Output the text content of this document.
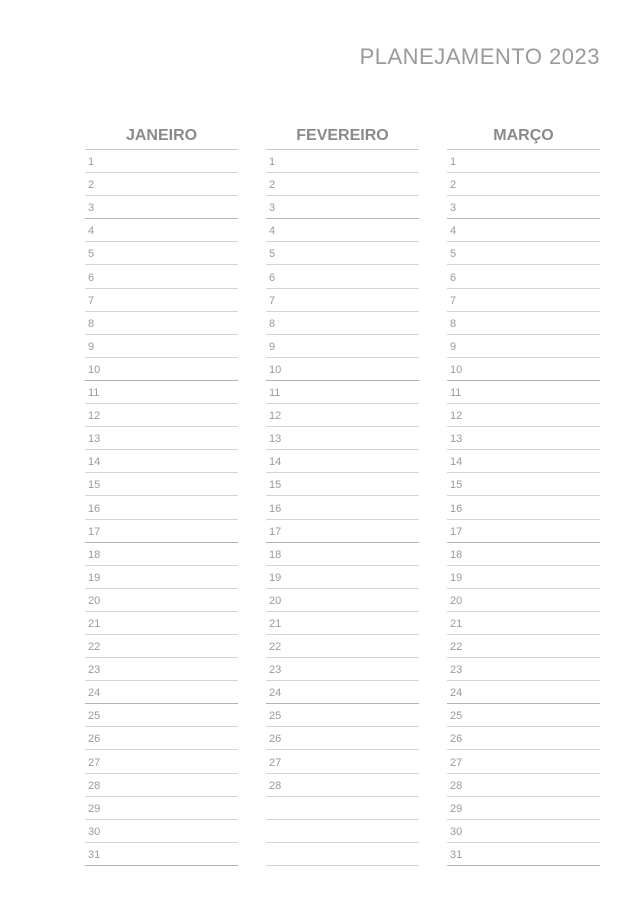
PLANEJAMENTO 2023
JANEIRO
1
2
3
4
5
6
7
8
9
10
11
12
13
14
15
16
17
18
19
20
21
22
23
24
25
26
27
28
29
30
31
FEVEREIRO
1
2
3
4
5
6
7
8
9
10
11
12
13
14
15
16
17
18
19
20
21
22
23
24
25
26
27
28
MARÇO
1
2
3
4
5
6
7
8
9
10
11
12
13
14
15
16
17
18
19
20
21
22
23
24
25
26
27
28
29
30
31
